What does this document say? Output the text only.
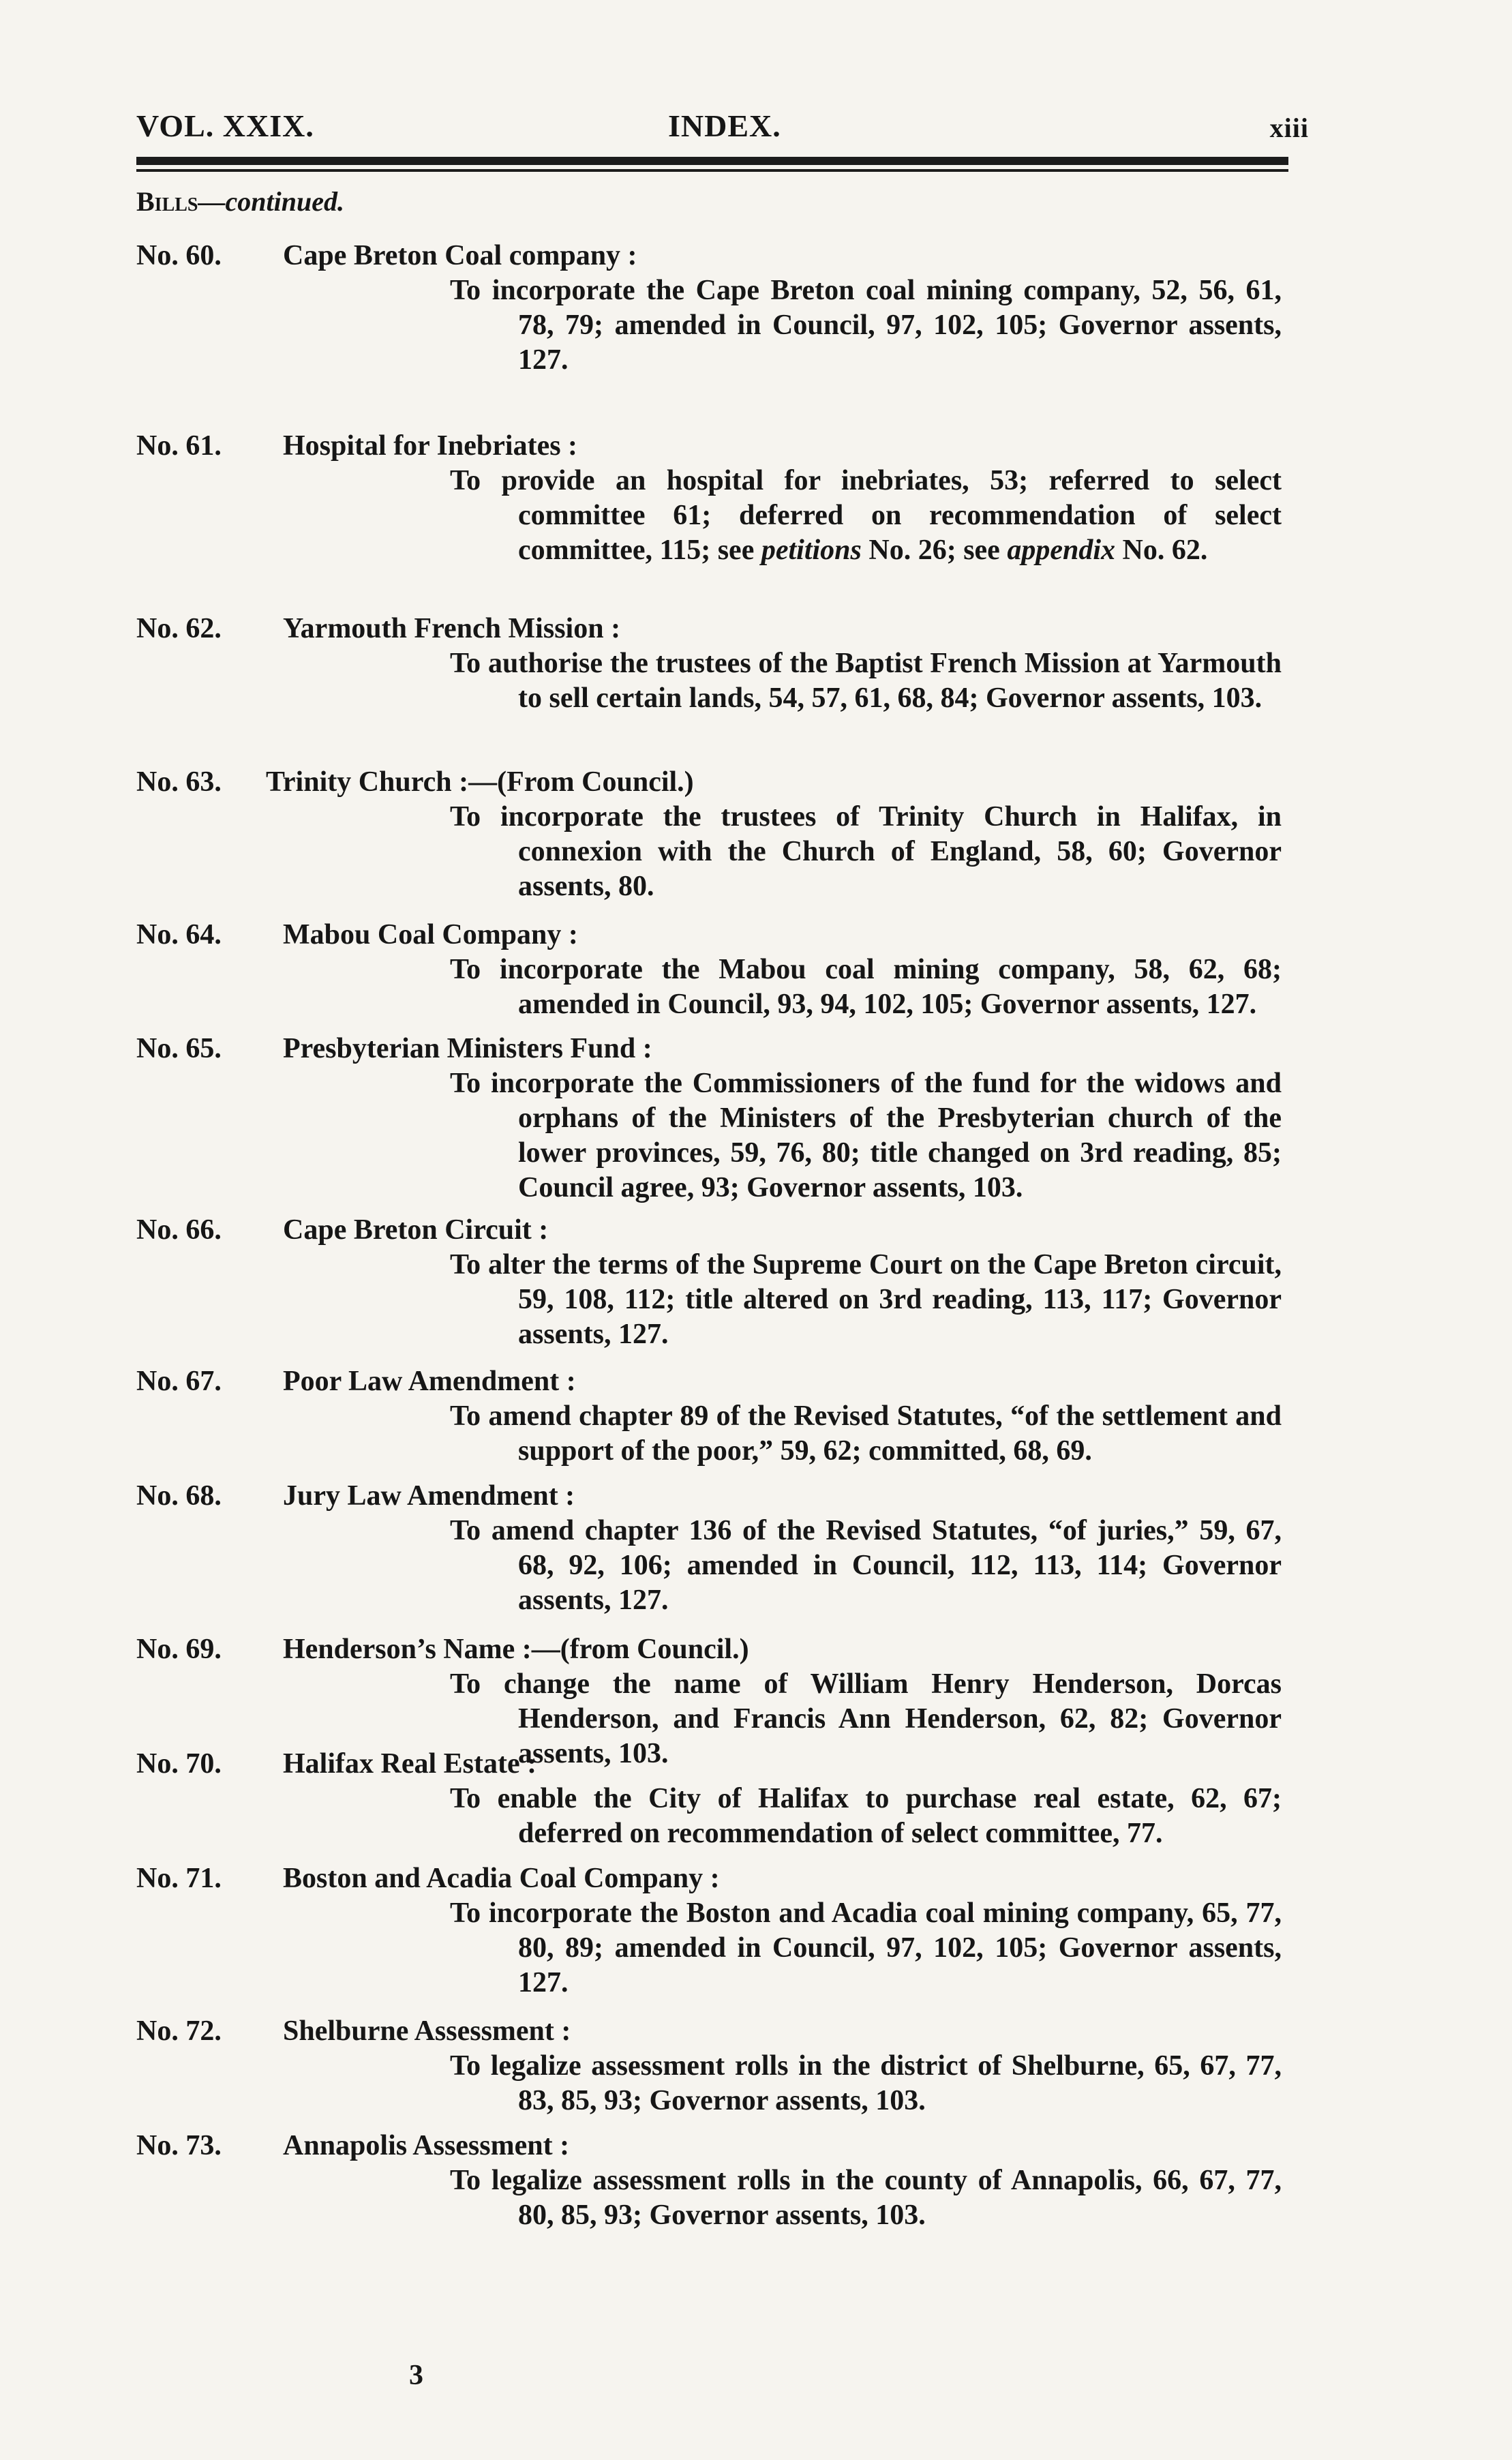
VOL. XXIX.	INDEX.	xiii
Bills—continued.
No. 60.	Cape Breton Coal company :
To incorporate the Cape Breton coal mining company, 52, 56, 61, 78, 79; amended in Council, 97, 102, 105; Governor assents, 127.
No. 61.	Hospital for Inebriates :
To provide an hospital for inebriates, 53; referred to select committee 61; deferred on recommendation of select committee, 115; see petitions No. 26; see appendix No. 62.
No. 62.	Yarmouth French Mission :
To authorise the trustees of the Baptist French Mission at Yarmouth to sell certain lands, 54, 57, 61, 68, 84; Governor assents, 103.
No. 63.	Trinity Church :—(From Council.)
To incorporate the trustees of Trinity Church in Halifax, in connexion with the Church of England, 58, 60; Governor assents, 80.
No. 64.	Mabou Coal Company :
To incorporate the Mabou coal mining company, 58, 62, 68; amended in Council, 93, 94, 102, 105; Governor assents, 127.
No. 65.	Presbyterian Ministers Fund :
To incorporate the Commissioners of the fund for the widows and orphans of the Ministers of the Presbyterian church of the lower provinces, 59, 76, 80; title changed on 3rd reading, 85; Council agree, 93; Governor assents, 103.
No. 66.	Cape Breton Circuit :
To alter the terms of the Supreme Court on the Cape Breton circuit, 59, 108, 112; title altered on 3rd reading, 113, 117; Governor assents, 127.
No. 67.	Poor Law Amendment :
To amend chapter 89 of the Revised Statutes, “of the settlement and support of the poor,” 59, 62; committed, 68, 69.
No. 68.	Jury Law Amendment :
To amend chapter 136 of the Revised Statutes, “of juries,” 59, 67, 68, 92, 106; amended in Council, 112, 113, 114; Governor assents, 127.
No. 69.	Henderson’s Name :—(from Council.)
To change the name of William Henry Henderson, Dorcas Henderson, and Francis Ann Henderson, 62, 82; Governor assents, 103.
No. 70.	Halifax Real Estate :
To enable the City of Halifax to purchase real estate, 62, 67; deferred on recommendation of select committee, 77.
No. 71.	Boston and Acadia Coal Company :
To incorporate the Boston and Acadia coal mining company, 65, 77, 80, 89; amended in Council, 97, 102, 105; Governor assents, 127.
No. 72.	Shelburne Assessment :
To legalize assessment rolls in the district of Shelburne, 65, 67, 77, 83, 85, 93; Governor assents, 103.
No. 73.	Annapolis Assessment :
To legalize assessment rolls in the county of Annapolis, 66, 67, 77, 80, 85, 93; Governor assents, 103.
3
